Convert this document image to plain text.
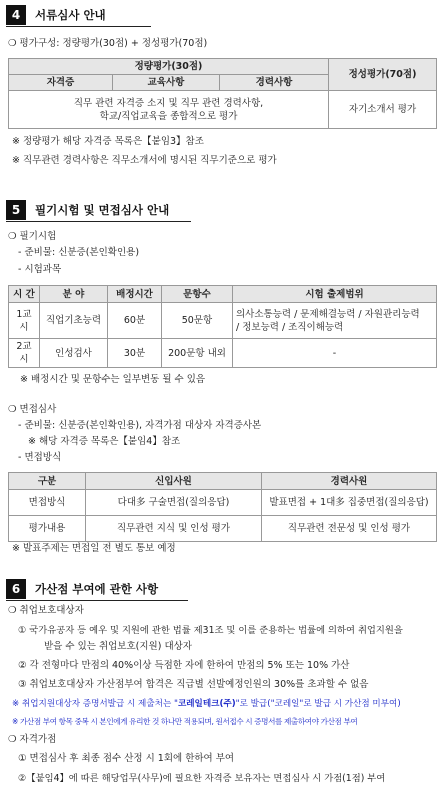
4	서류심사 안내
❍ 평가구성: 정량평가(30점) + 정성평가(70점)
정량평가(30점)			정성평가(70점)
자격증	교육사항	경력사항	

직무 관련 자격증 소지 및 직무 관련 경력사항,
학교/직업교육을 종합적으로 평가			자기소개서 평가
※ 정량평가 해당 자격증 목록은【붙임3】참조
※ 직무관련 경력사항은 직무소개서에 명시된 직무기준으로 평가
5	필기시험 및 면접심사 안내
❍ 필기시험
- 준비물: 신분증(본인확인용)
- 시험과목
시 간	분 야	배정시간	문항수	시험 출제범위
1교시	직업기초능력	60분	50문항	의사소통능력 / 문제해결능력 / 자원관리능력
/ 정보능력 / 조직이해능력

2교시	인성검사	30분	200문항 내외	-
※ 배정시간 및 문항수는 일부변동 될 수 있음
❍ 면접심사
- 준비물: 신분증(본인확인용), 자격가점 대상자 자격증사본
※ 해당 자격증 목록은【붙임4】참조
- 면접방식
구분	신입사원	경력사원
면접방식	다대多 구술면접(질의응답)	발표면접 + 1대多 집중면접(질의응답)
평가내용	직무관련 지식 및 인성 평가	직무관련 전문성 및 인성 평가
※ 발표주제는 면접일 전 별도 통보 예정
6	가산점 부여에 관한 사항
❍ 취업보호대상자
① 국가유공자 등 예우 및 지원에 관한 법률 제31조 및 이를 준용하는 법률에 의하여 취업지원을
받을 수 있는 취업보호(지원) 대상자
② 각 전형마다 만점의 40%이상 득점한 자에 한하여 만점의 5% 또는 10% 가산
③ 취업보호대상자 가산점부여 합격은 직급별 선발예정인원의 30%를 초과할 수 없음
※ 취업지원대상자 증명서발급 시 제출처는 "코레일테크(주)"로 발급("코레일"로 발급 시 가산점 미부여)
※ 가산점 부여 항목 중복 시 본인에게 유리한 것 하나만 적용되며, 원서접수 시 증명서를 제출하여야 가산점 부여
❍ 자격가점
① 면접심사 후 최종 점수 산정 시 1회에 한하여 부여
②【붙임4】에 따른 해당업무(사무)에 필요한 자격증 보유자는 면접심사 시 가점(1점) 부여
